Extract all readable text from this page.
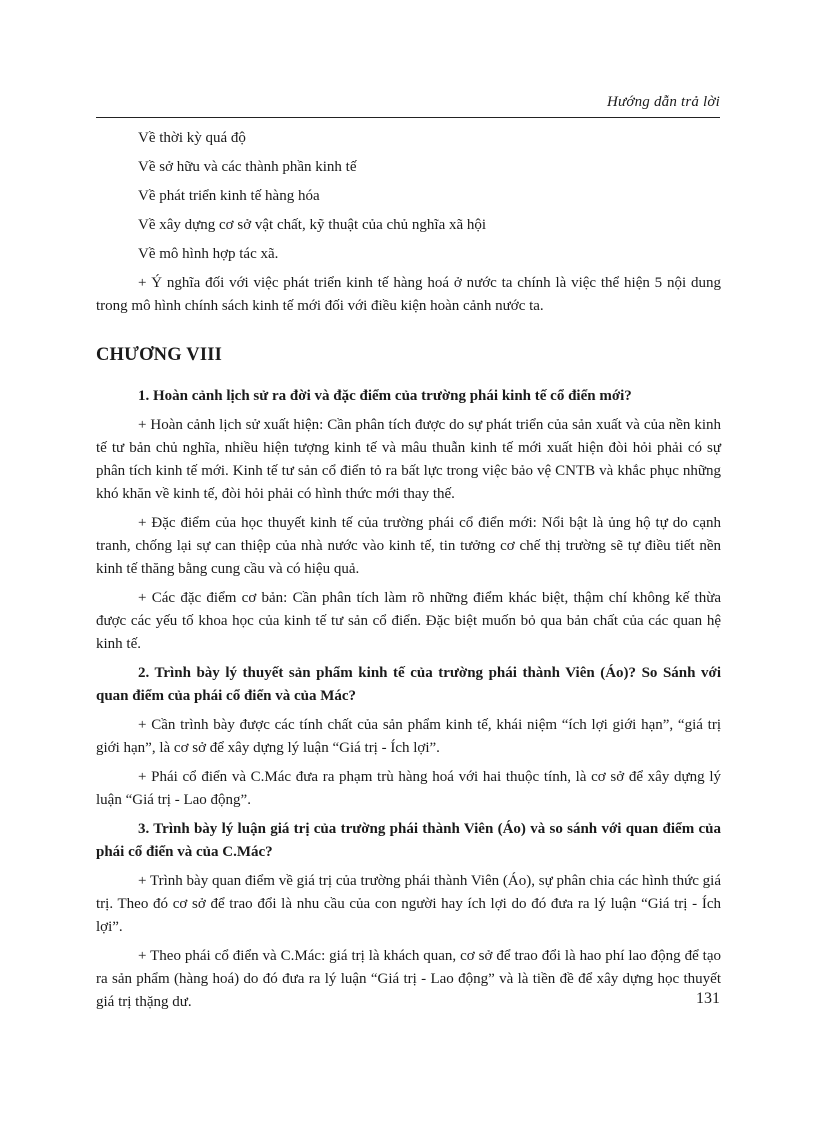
Hướng dẫn trả lời

Về thời kỳ quá độ

Về sở hữu và các thành phần kinh tế

Về phát triển kinh tế hàng hóa

Về xây dựng cơ sở vật chất, kỹ thuật của chủ nghĩa xã hội

Về mô hình hợp tác xã.

+ Ý nghĩa đối với việc phát triển kinh tế hàng hoá ở nước ta chính là việc thể hiện 5 nội dung trong mô hình chính sách kinh tế mới đối với điều kiện hoàn cảnh nước ta.

CHƯƠNG VIII

1. Hoàn cảnh lịch sử ra đời và đặc điểm của trường phái kinh tế cổ điển mới?

+ Hoàn cảnh lịch sử xuất hiện: Cần phân tích được do sự phát triển của sản xuất và của nền kinh tế tư bản chủ nghĩa, nhiều hiện tượng kinh tế và mâu thuẫn kinh tế mới xuất hiện đòi hỏi phải có sự phân tích kinh tế mới. Kinh tế tư sản cổ điển tỏ ra bất lực trong việc bảo vệ CNTB và khắc phục những khó khăn về kinh tế, đòi hỏi phải có hình thức mới thay thế.

+ Đặc điểm của học thuyết kinh tế của trường phái cổ điển mới: Nổi bật là ủng hộ tự do cạnh tranh, chống lại sự can thiệp của nhà nước vào kinh tế, tin tưởng cơ chế thị trường sẽ tự điều tiết nền kinh tế thăng bằng cung cầu và có hiệu quả.

+ Các đặc điểm cơ bản: Cần phân tích làm rõ những điểm khác biệt, thậm chí không kế thừa được các yếu tố khoa học của kinh tế tư sản cổ điển. Đặc biệt muốn bỏ qua bản chất của các quan hệ kinh tế.

2. Trình bày lý thuyết sản phẩm kinh tế của trường phái thành Viên (Áo)? So Sánh với quan điểm của phái cổ điển và của Mác?

+ Cần trình bày được các tính chất của sản phẩm kinh tế, khái niệm “ích lợi giới hạn”, “giá trị giới hạn”, là cơ sở để xây dựng lý luận “Giá trị - Ích lợi”.

+ Phái cổ điển và C.Mác đưa ra phạm trù hàng hoá với hai thuộc tính, là cơ sở để xây dựng lý luận “Giá trị - Lao động”.

3. Trình bày lý luận giá trị của trường phái thành Viên (Áo) và so sánh với quan điểm của phái cổ điển và của C.Mác?

+ Trình bày quan điểm về giá trị của trường phái thành Viên (Áo), sự phân chia các hình thức giá trị. Theo đó cơ sở để trao đổi là nhu cầu của con người hay ích lợi do đó đưa ra lý luận “Giá trị - Ích lợi”.

+ Theo phái cổ điển và C.Mác: giá trị là khách quan, cơ sở để trao đổi là hao phí lao động để tạo ra sản phẩm (hàng hoá) do đó đưa ra lý luận “Giá trị - Lao động” và là tiền đề để xây dựng học thuyết giá trị thặng dư.	131
